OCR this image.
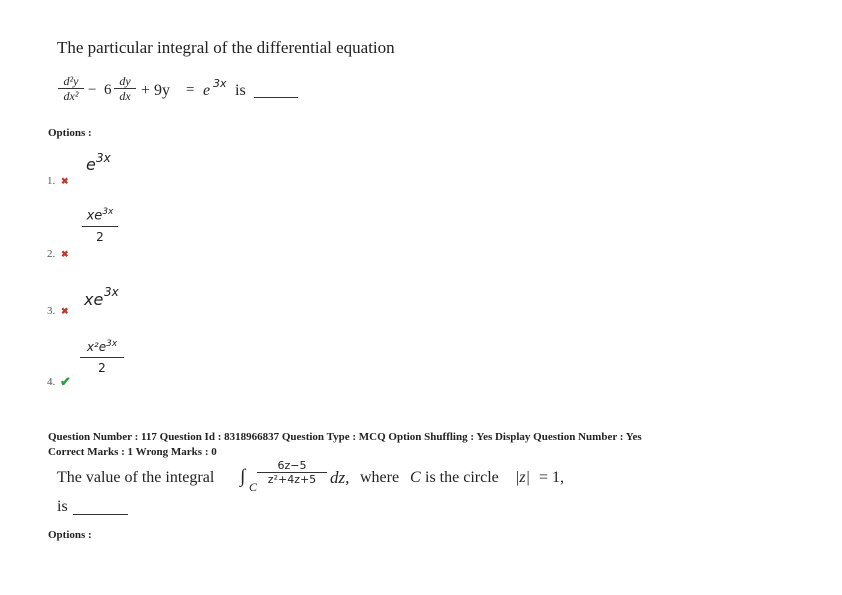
The particular integral of the differential equation
d²y
dx² − 6
dy
dx + 9y = e 3x is
Options :
e 3x
1. ✖
$xe^{3x}$
2
2. ✖
xe 3x
3. ✖
$x^2e^{3x}$
2
4. ✔
Question Number : 117 Question Id : 8318966837 Question Type : MCQ Option Shuffling : Yes Display Question Number : Yes
Correct Marks : 1 Wrong Marks : 0
The value of the integral ∫ C
6z−5
z²+4z+5 dz, where C is the circle |z| = 1,
is
Options :
